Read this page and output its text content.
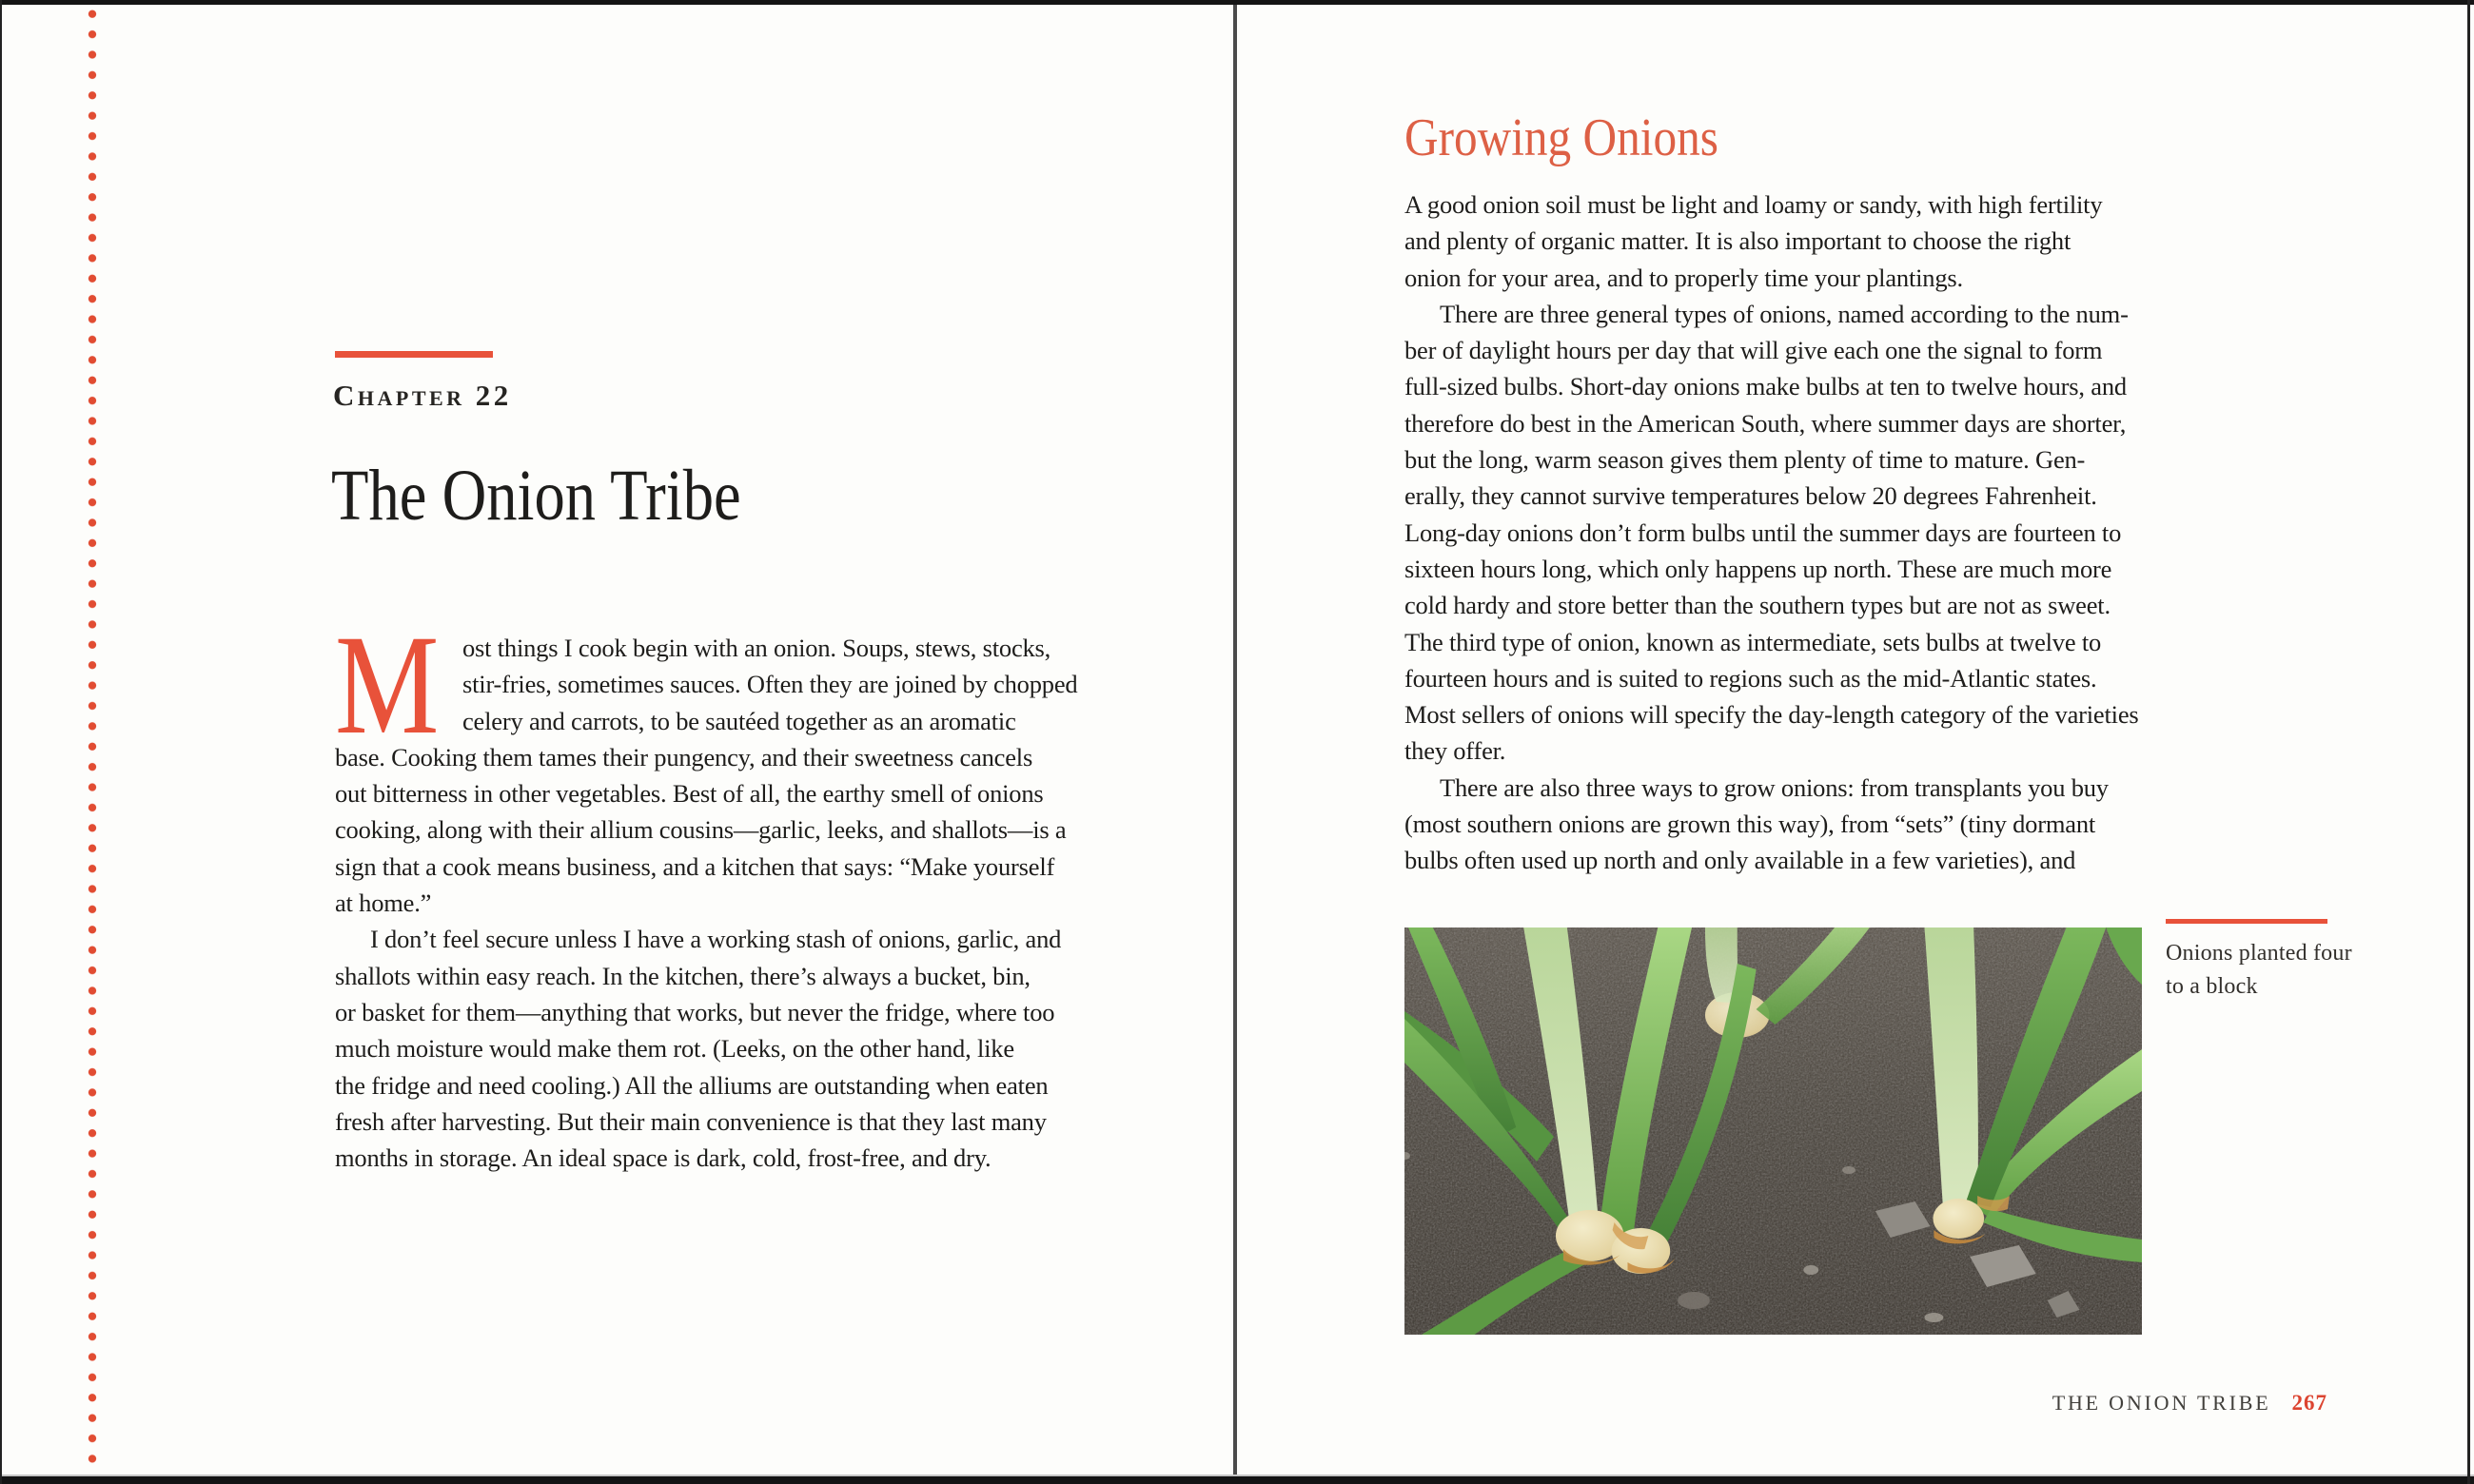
Chapter 22
The Onion Tribe
M ost things I cook begin with an onion. Soups, stews, stocks,
stir-fries, sometimes sauces. Often they are joined by chopped
celery and carrots, to be sautéed together as an aromatic
base. Cooking them tames their pungency, and their sweetness cancels
out bitterness in other vegetables. Best of all, the earthy smell of onions
cooking, along with their allium cousins—garlic, leeks, and shallots—is a
sign that a cook means business, and a kitchen that says: “Make yourself
at home.”
I don’t feel secure unless I have a working stash of onions, garlic, and
shallots within easy reach. In the kitchen, there’s always a bucket, bin,
or basket for them—anything that works, but never the fridge, where too
much moisture would make them rot. (Leeks, on the other hand, like
the fridge and need cooling.) All the alliums are outstanding when eaten
fresh after harvesting. But their main convenience is that they last many
months in storage. An ideal space is dark, cold, frost-free, and dry.
Growing Onions
A good onion soil must be light and loamy or sandy, with high fertility
and plenty of organic matter. It is also important to choose the right
onion for your area, and to properly time your plantings.
There are three general types of onions, named according to the num-
ber of daylight hours per day that will give each one the signal to form
full-sized bulbs. Short-day onions make bulbs at ten to twelve hours, and
therefore do best in the American South, where summer days are shorter,
but the long, warm season gives them plenty of time to mature. Gen-
erally, they cannot survive temperatures below 20 degrees Fahrenheit.
Long-day onions don’t form bulbs until the summer days are fourteen to
sixteen hours long, which only happens up north. These are much more
cold hardy and store better than the southern types but are not as sweet.
The third type of onion, known as intermediate, sets bulbs at twelve to
fourteen hours and is suited to regions such as the mid-Atlantic states.
Most sellers of onions will specify the day-length category of the varieties
they offer.
There are also three ways to grow onions: from transplants you buy
(most southern onions are grown this way), from “sets” (tiny dormant
bulbs often used up north and only available in a few varieties), and
Onions planted four
to a block
THE ONION TRIBE 267
